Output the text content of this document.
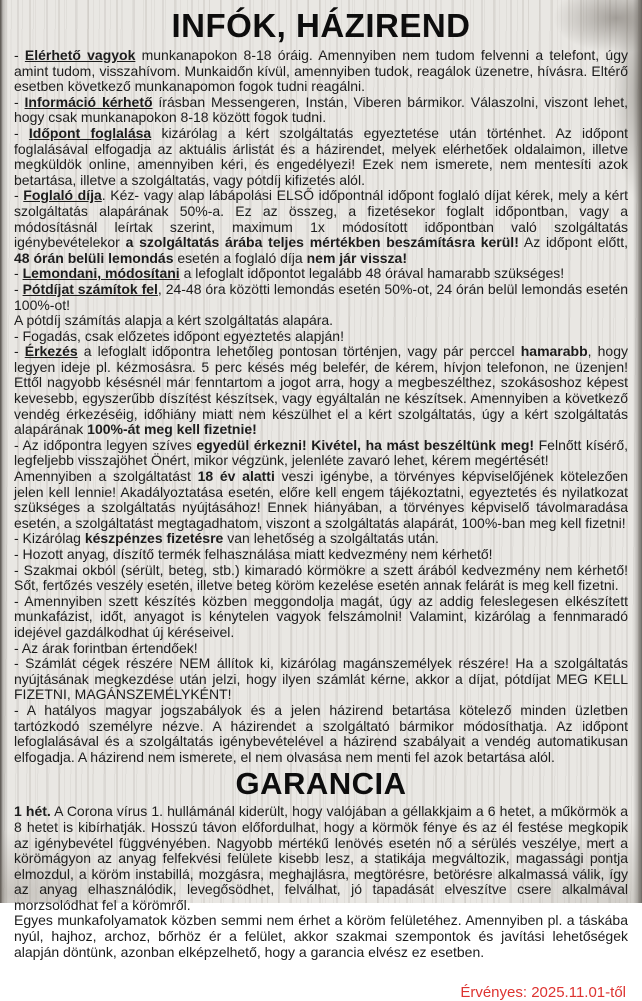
INFÓK, HÁZIREND
- Elérhető vagyok munkanapokon 8-18 óráig. Amennyiben nem tudom felvenni a telefont, úgy amint tudom, visszahívom. Munkaidőn kívül, amennyiben tudok, reagálok üzenetre, hívásra. Eltérő esetben következő munkanapomon fogok tudni reagálni.
- Információ kérhető írásban Messengeren, Instán, Viberen bármikor. Válaszolni, viszont lehet, hogy csak munkanapokon 8-18 között fogok tudni.
- Időpont foglalása kizárólag a kért szolgáltatás egyeztetése után történhet. Az időpont foglalásával elfogadja az aktuális árlistát és a házirendet, melyek elérhetőek oldalaimon, illetve megküldök online, amennyiben kéri, és engedélyezi! Ezek nem ismerete, nem mentesíti azok betartása, illetve a szolgáltatás, vagy pótdíj kifizetés alól.
- Foglaló díja. Kéz- vagy alap lábápolási ELSŐ időpontnál időpont foglaló díjat kérek, mely a kért szolgáltatás alapárának 50%-a. Ez az összeg, a fizetésekor foglalt időpontban, vagy a módosításnál leírtak szerint, maximum 1x módosított időpontban való szolgáltatás igénybevételekor a szolgáltatás árába teljes mértékben beszámításra kerül! Az időpont előtt, 48 órán belüli lemondás esetén a foglaló díja nem jár vissza!
- Lemondani, módosítani a lefoglalt időpontot legalább 48 órával hamarabb szükséges!
- Pótdíjat számítok fel, 24-48 óra közötti lemondás esetén 50%-ot, 24 órán belül lemondás esetén 100%-ot!
A pótdíj számítás alapja a kért szolgáltatás alapára.
- Fogadás, csak előzetes időpont egyeztetés alapján!
- Érkezés a lefoglalt időpontra lehetőleg pontosan történjen, vagy pár perccel hamarabb, hogy legyen ideje pl. kézmosásra. 5 perc késés még belefér, de kérem, hívjon telefonon, ne üzenjen! Ettől nagyobb késésnél már fenntartom a jogot arra, hogy a megbeszélthez, szokásoshoz képest kevesebb, egyszerűbb díszítést készítsek, vagy egyáltalán ne készítsek. Amennyiben a következő vendég érkezéséig, időhiány miatt nem készülhet el a kért szolgáltatás, úgy a kért szolgáltatás alapárának 100%-át meg kell fizetnie!
- Az időpontra legyen szíves egyedül érkezni! Kivétel, ha mást beszéltünk meg! Felnőtt kísérő, legfeljebb visszajöhet Önért, mikor végzünk, jelenléte zavaró lehet, kérem megértését!
Amennyiben a szolgáltatást 18 év alatti veszi igénybe, a törvényes képviselőjének kötelezően jelen kell lennie! Akadályoztatása esetén, előre kell engem tájékoztatni, egyeztetés és nyilatkozat szükséges a szolgáltatás nyújtásához! Ennek hiányában, a törvényes képviselő távolmaradása esetén, a szolgáltatást megtagadhatom, viszont a szolgáltatás alapárát, 100%-ban meg kell fizetni!
- Kizárólag készpénzes fizetésre van lehetőség a szolgáltatás után.
- Hozott anyag, díszítő termék felhasználása miatt kedvezmény nem kérhető!
- Szakmai okból (sérült, beteg, stb.) kimaradó körmökre a szett árából kedvezmény nem kérhető! Sőt, fertőzés veszély esetén, illetve beteg köröm kezelése esetén annak felárát is meg kell fizetni.
- Amennyiben szett készítés közben meggondolja magát, úgy az addig feleslegesen elkészített munkafázist, időt, anyagot is kénytelen vagyok felszámolni! Valamint, kizárólag a fennmaradó idejével gazdálkodhat új kéréseivel.
- Az árak forintban értendőek!
- Számlát cégek részére NEM állítok ki, kizárólag magánszemélyek részére! Ha a szolgáltatás nyújtásának megkezdése után jelzi, hogy ilyen számlát kérne, akkor a díjat, pótdíjat MEG KELL FIZETNI, MAGÁNSZEMÉLYKÉNT!
- A hatályos magyar jogszabályok és a jelen házirend betartása kötelező minden üzletben tartózkodó személyre nézve. A házirendet a szolgáltató bármikor módosíthatja. Az időpont lefoglalásával és a szolgáltatás igénybevételével a házirend szabályait a vendég automatikusan elfogadja. A házirend nem ismerete, el nem olvasása nem menti fel azok betartása alól.
GARANCIA
1 hét. A Corona vírus 1. hullámánál kiderült, hogy valójában a géllakkjaim a 6 hetet, a műkörmök a 8 hetet is kibírhatják. Hosszú távon előfordulhat, hogy a körmök fénye és az él festése megkopik az igénybevétel függvényében. Nagyobb mértékű lenövés esetén nő a sérülés veszélye, mert a körömágyon az anyag felfekvési felülete kisebb lesz, a statikája megváltozik, magassági pontja elmozdul, a köröm instabillá, mozgásra, meghajlásra, megtörésre, betörésre alkalmassá válik, így az anyag elhasználódik, levegősödhet, felválhat, jó tapadását elveszítve csere alkalmával morzsolódhat fel a körömről.
Egyes munkafolyamatok közben semmi nem érhet a köröm felületéhez. Amennyiben pl. a táskába nyúl, hajhoz, archoz, bőrhöz ér a felület, akkor szakmai szempontok és javítási lehetőségek alapján döntünk, azonban elképzelhető, hogy a garancia elvész ez esetben.
Érvényes: 2025.11.01-től
